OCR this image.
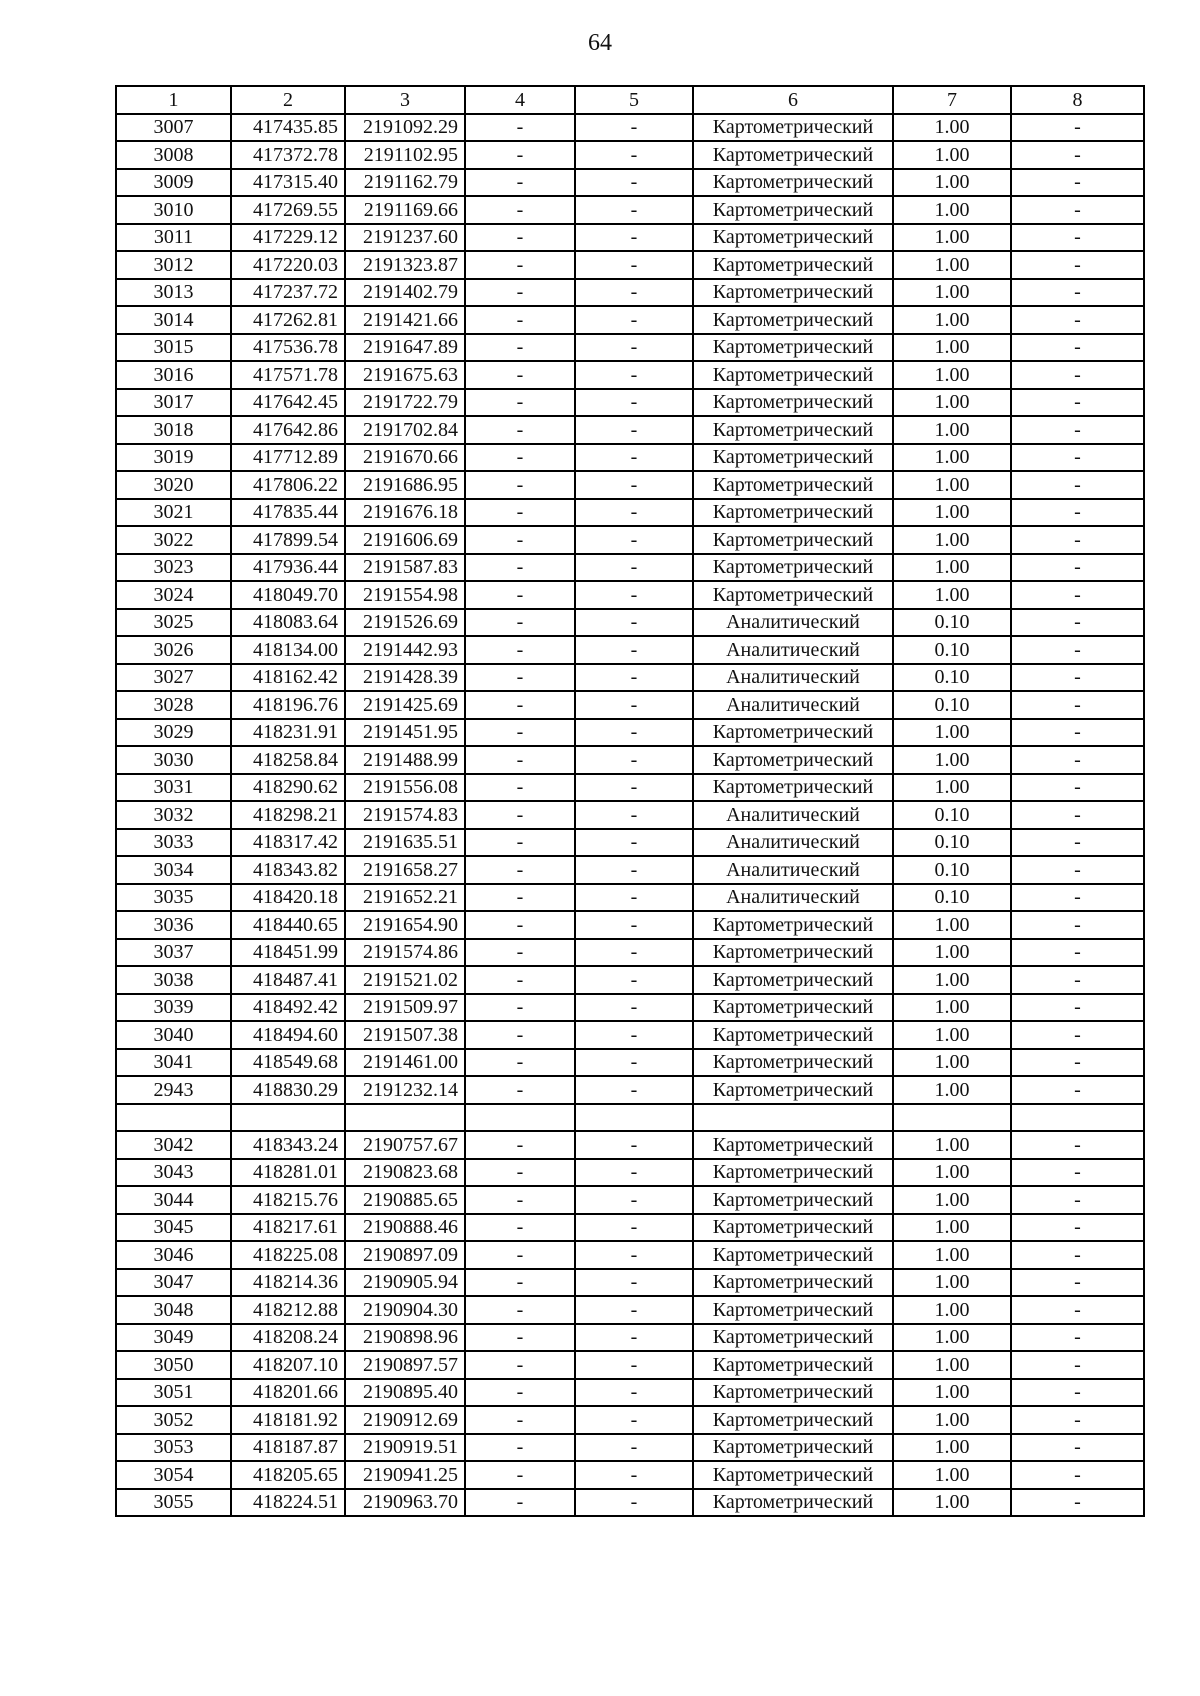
64
1	2	3	4	5	6	7	8
3007	417435.85	2191092.29	-	-	Картометрический	1.00	-
3008	417372.78	2191102.95	-	-	Картометрический	1.00	-
3009	417315.40	2191162.79	-	-	Картометрический	1.00	-
3010	417269.55	2191169.66	-	-	Картометрический	1.00	-
3011	417229.12	2191237.60	-	-	Картометрический	1.00	-
3012	417220.03	2191323.87	-	-	Картометрический	1.00	-
3013	417237.72	2191402.79	-	-	Картометрический	1.00	-
3014	417262.81	2191421.66	-	-	Картометрический	1.00	-
3015	417536.78	2191647.89	-	-	Картометрический	1.00	-
3016	417571.78	2191675.63	-	-	Картометрический	1.00	-
3017	417642.45	2191722.79	-	-	Картометрический	1.00	-
3018	417642.86	2191702.84	-	-	Картометрический	1.00	-
3019	417712.89	2191670.66	-	-	Картометрический	1.00	-
3020	417806.22	2191686.95	-	-	Картометрический	1.00	-
3021	417835.44	2191676.18	-	-	Картометрический	1.00	-
3022	417899.54	2191606.69	-	-	Картометрический	1.00	-
3023	417936.44	2191587.83	-	-	Картометрический	1.00	-
3024	418049.70	2191554.98	-	-	Картометрический	1.00	-
3025	418083.64	2191526.69	-	-	Аналитический	0.10	-
3026	418134.00	2191442.93	-	-	Аналитический	0.10	-
3027	418162.42	2191428.39	-	-	Аналитический	0.10	-
3028	418196.76	2191425.69	-	-	Аналитический	0.10	-
3029	418231.91	2191451.95	-	-	Картометрический	1.00	-
3030	418258.84	2191488.99	-	-	Картометрический	1.00	-
3031	418290.62	2191556.08	-	-	Картометрический	1.00	-
3032	418298.21	2191574.83	-	-	Аналитический	0.10	-
3033	418317.42	2191635.51	-	-	Аналитический	0.10	-
3034	418343.82	2191658.27	-	-	Аналитический	0.10	-
3035	418420.18	2191652.21	-	-	Аналитический	0.10	-
3036	418440.65	2191654.90	-	-	Картометрический	1.00	-
3037	418451.99	2191574.86	-	-	Картометрический	1.00	-
3038	418487.41	2191521.02	-	-	Картометрический	1.00	-
3039	418492.42	2191509.97	-	-	Картометрический	1.00	-
3040	418494.60	2191507.38	-	-	Картометрический	1.00	-
3041	418549.68	2191461.00	-	-	Картометрический	1.00	-
2943	418830.29	2191232.14	-	-	Картометрический	1.00	-

3042	418343.24	2190757.67	-	-	Картометрический	1.00	-
3043	418281.01	2190823.68	-	-	Картометрический	1.00	-
3044	418215.76	2190885.65	-	-	Картометрический	1.00	-
3045	418217.61	2190888.46	-	-	Картометрический	1.00	-
3046	418225.08	2190897.09	-	-	Картометрический	1.00	-
3047	418214.36	2190905.94	-	-	Картометрический	1.00	-
3048	418212.88	2190904.30	-	-	Картометрический	1.00	-
3049	418208.24	2190898.96	-	-	Картометрический	1.00	-
3050	418207.10	2190897.57	-	-	Картометрический	1.00	-
3051	418201.66	2190895.40	-	-	Картометрический	1.00	-
3052	418181.92	2190912.69	-	-	Картометрический	1.00	-
3053	418187.87	2190919.51	-	-	Картометрический	1.00	-
3054	418205.65	2190941.25	-	-	Картометрический	1.00	-
3055	418224.51	2190963.70	-	-	Картометрический	1.00	-
